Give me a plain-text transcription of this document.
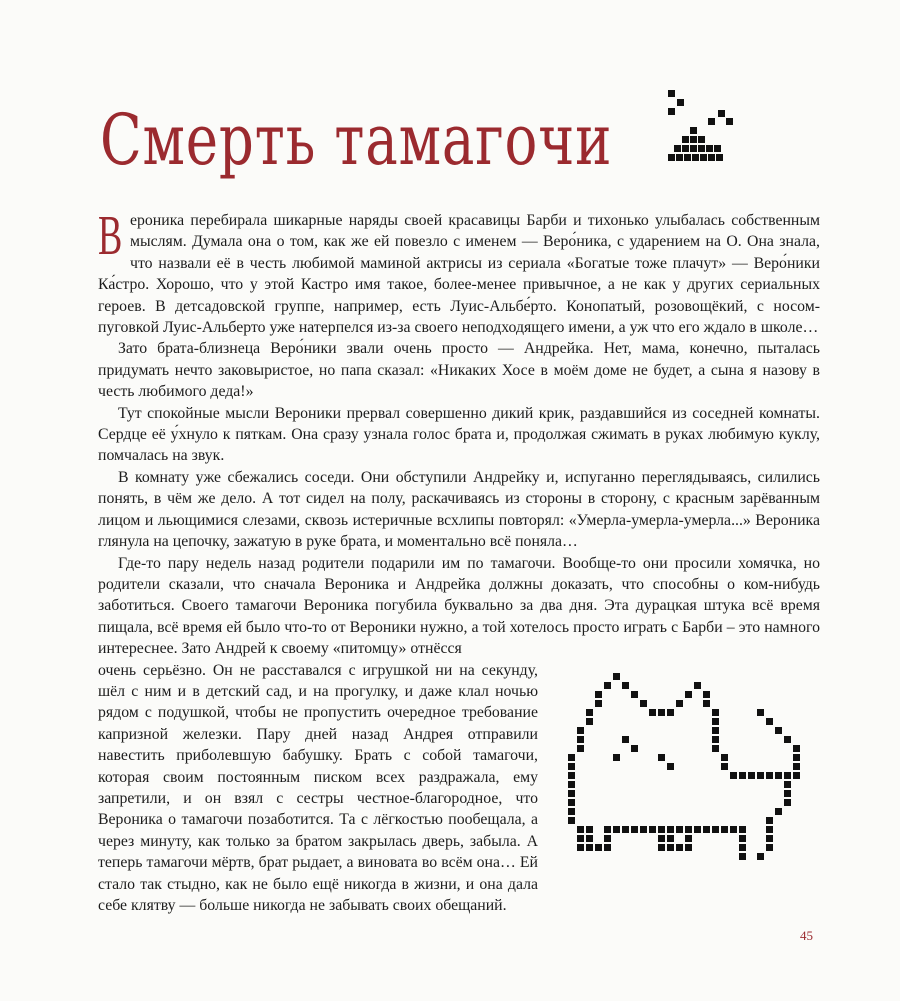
Смерть тамагочи

Вероника перебирала шикарные наряды своей красавицы Барби и тихонько улыбалась собственным мыслям. Думала она о том, как же ей повезло с именем — Веро́ника, с ударением на О. Она знала, что назвали её в честь любимой маминой актрисы из сериала «Богатые тоже плачут» — Веро́ники Ка́стро. Хорошо, что у этой Кастро имя такое, более-менее привычное, а не как у других сериальных героев. В детсадовской группе, например, есть Луис-Альбе́рто. Конопатый, розовощёкий, с носом-пуговкой Луис-Альберто уже натерпелся из-за своего неподходящего имени, а уж что его ждало в школе…

Зато брата-близнеца Веро́ники звали очень просто — Андрейка. Нет, мама, конечно, пыталась придумать нечто заковыристое, но папа сказал: «Никаких Хосе в моём доме не будет, а сына я назову в честь любимого деда!»

Тут спокойные мысли Вероники прервал совершенно дикий крик, раздавшийся из соседней комнаты. Сердце её у́хнуло к пяткам. Она сразу узнала голос брата и, продолжая сжимать в руках любимую куклу, помчалась на звук.

В комнату уже сбежались соседи. Они обступили Андрейку и, испуганно переглядываясь, силились понять, в чём же дело. А тот сидел на полу, раскачиваясь из стороны в сторону, с красным зарёванным лицом и льющимися слезами, сквозь истеричные всхлипы повторял: «Умерла-умерла-умерла...» Вероника глянула на цепочку, зажатую в руке брата, и моментально всё поняла…

Где-то пару недель назад родители подарили им по тамагочи. Вообще-то они просили хомячка, но родители сказали, что сначала Вероника и Андрейка должны доказать, что способны о ком-нибудь заботиться. Своего тамагочи Вероника погубила буквально за два дня. Эта дурацкая штука всё время пищала, всё время ей было что-то от Вероники нужно, а той хотелось просто играть с Барби – это намного интереснее. Зато Андрей к своему «питомцу» отнёсся

очень серьёзно. Он не расставался с игрушкой ни на секунду, шёл с ним и в детский сад, и на прогулку, и даже клал ночью рядом с подушкой, чтобы не пропустить очередное требование капризной железки. Пару дней назад Андрея отправили навестить приболевшую бабушку. Брать с собой тамагочи, которая своим постоянным писком всех раздражала, ему запретили, и он взял с сестры честное-благородное, что Вероника о тамагочи позаботится. Та с лёгкостью пообещала, а через минуту, как только за братом закрылась дверь, забыла. А теперь тамагочи мёртв, брат рыдает, а виновата во всём она… Ей стало так стыдно, как не было ещё никогда в жизни, и она дала себе клятву — больше никогда не забывать своих обещаний.

45
